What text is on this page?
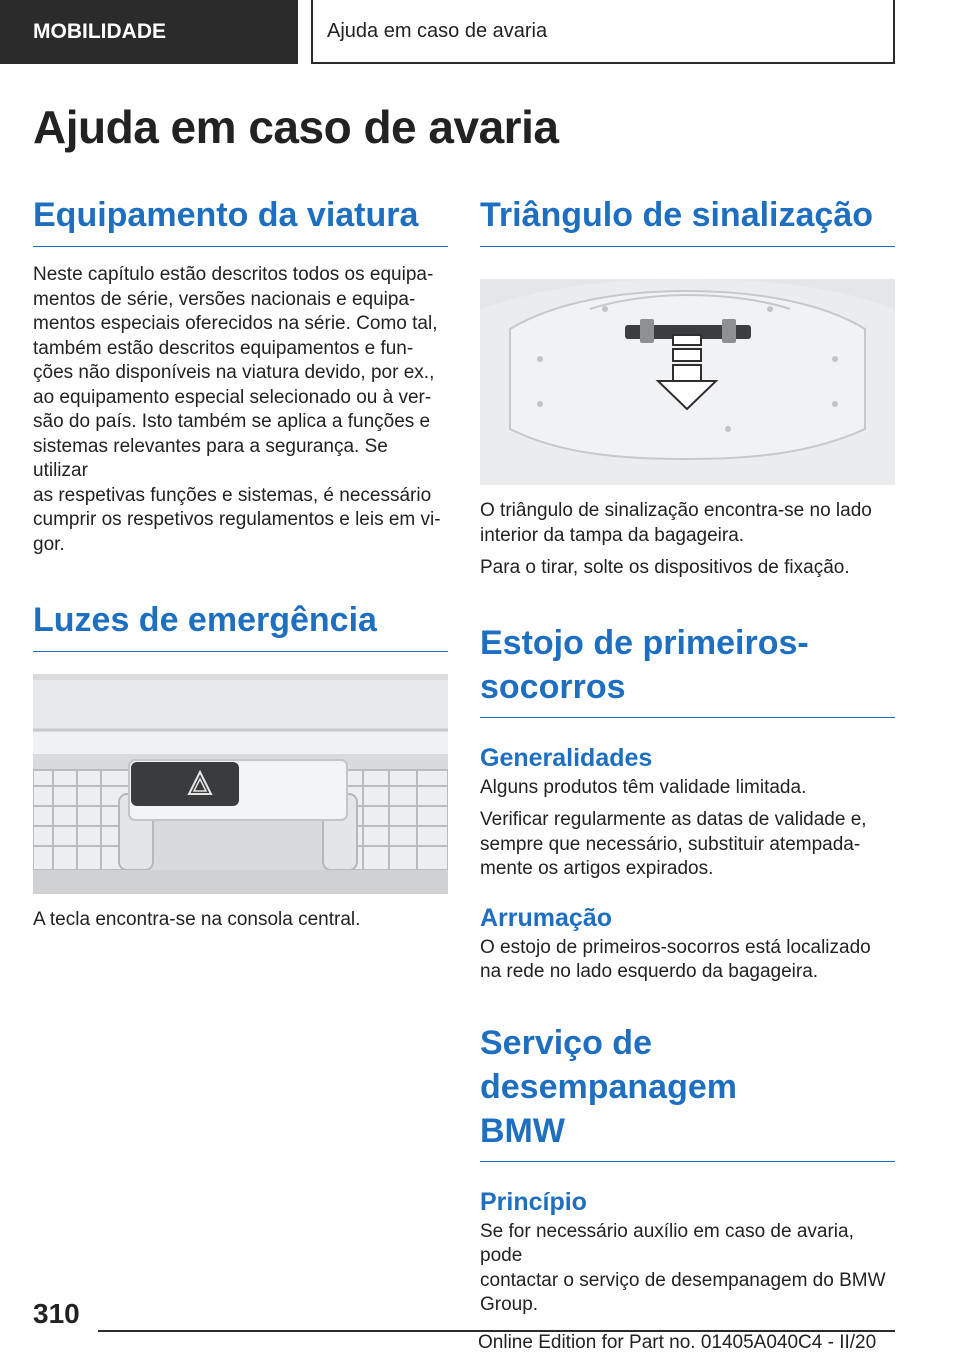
MOBILIDADE	Ajuda em caso de avaria
Ajuda em caso de avaria
Equipamento da viatura

Neste capítulo estão descritos todos os equipa‐
mentos de série, versões nacionais e equipa‐
mentos especiais oferecidos na série. Como tal,
também estão descritos equipamentos e fun‐
ções não disponíveis na viatura devido, por ex.,
ao equipamento especial selecionado ou à ver‐
são do país. Isto também se aplica a funções e
sistemas relevantes para a segurança. Se utilizar
as respetivas funções e sistemas, é necessário
cumprir os respetivos regulamentos e leis em vi‐
gor.

Luzes de emergência

A tecla encontra-se na consola central.

Triângulo de sinalização

O triângulo de sinalização encontra-se no lado
interior da tampa da bagageira.

Para o tirar, solte os dispositivos de fixação.

Estojo de primeiros-
socorros
Generalidades

Alguns produtos têm validade limitada.

Verificar regularmente as datas de validade e,
sempre que necessário, substituir atempada‐
mente os artigos expirados.

Arrumação

O estojo de primeiros-socorros está localizado
na rede no lado esquerdo da bagageira.

Serviço de desempanagem
BMW
Princípio

Se for necessário auxílio em caso de avaria, pode
contactar o serviço de desempanagem do BMW
Group.

310
Online Edition for Part no. 01405A040C4 - II/20
